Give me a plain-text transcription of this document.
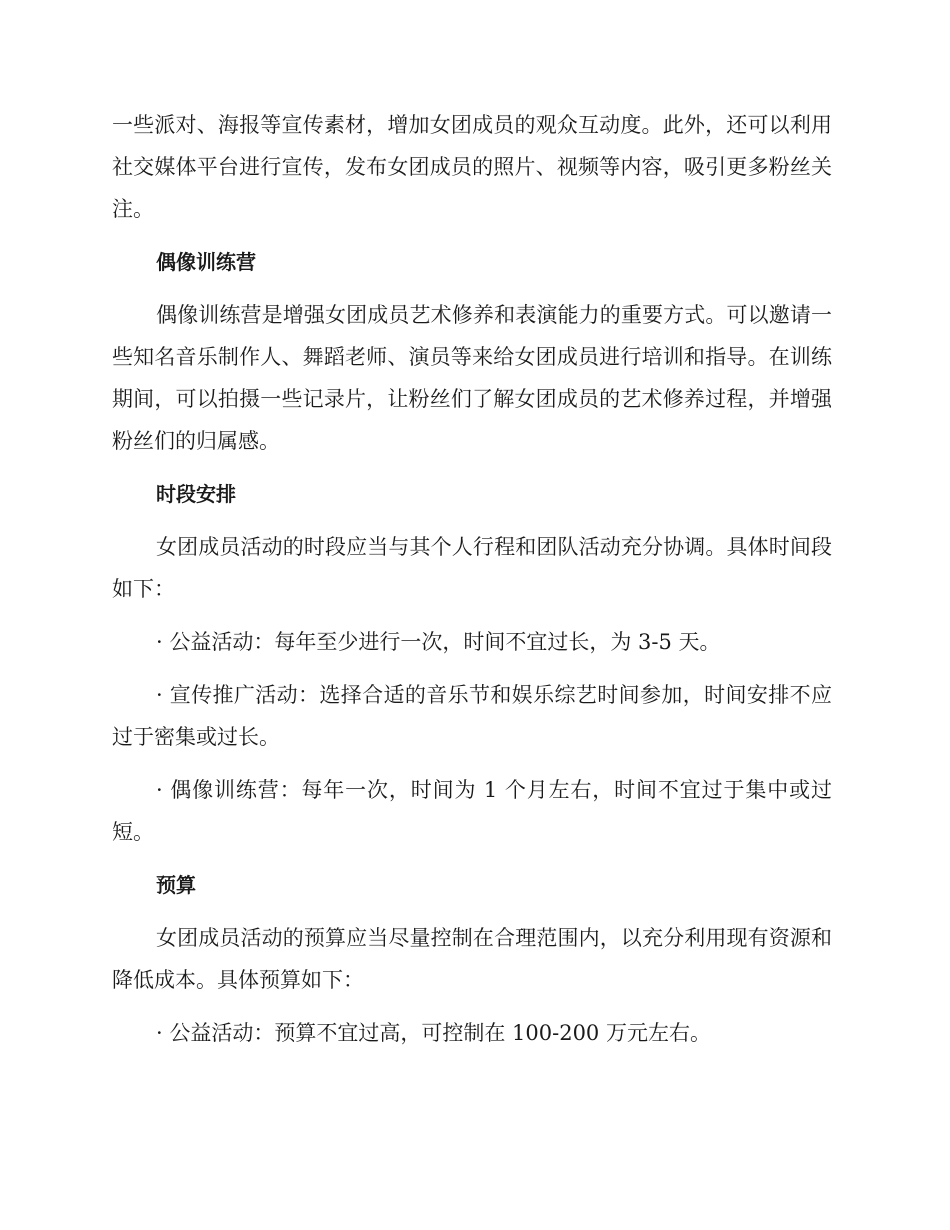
一些派对、海报等宣传素材，增加女团成员的观众互动度。此外，还可以利用社交媒体平台进行宣传，发布女团成员的照片、视频等内容，吸引更多粉丝关注。
偶像训练营
偶像训练营是增强女团成员艺术修养和表演能力的重要方式。可以邀请一些知名音乐制作人、舞蹈老师、演员等来给女团成员进行培训和指导。在训练期间，可以拍摄一些记录片，让粉丝们了解女团成员的艺术修养过程，并增强粉丝们的归属感。
时段安排
女团成员活动的时段应当与其个人行程和团队活动充分协调。具体时间段如下：
· 公益活动：每年至少进行一次，时间不宜过长，为 3-5 天。
· 宣传推广活动：选择合适的音乐节和娱乐综艺时间参加，时间安排不应过于密集或过长。
· 偶像训练营：每年一次，时间为 1 个月左右，时间不宜过于集中或过短。
预算
女团成员活动的预算应当尽量控制在合理范围内，以充分利用现有资源和降低成本。具体预算如下：
· 公益活动：预算不宜过高，可控制在 100-200 万元左右。
